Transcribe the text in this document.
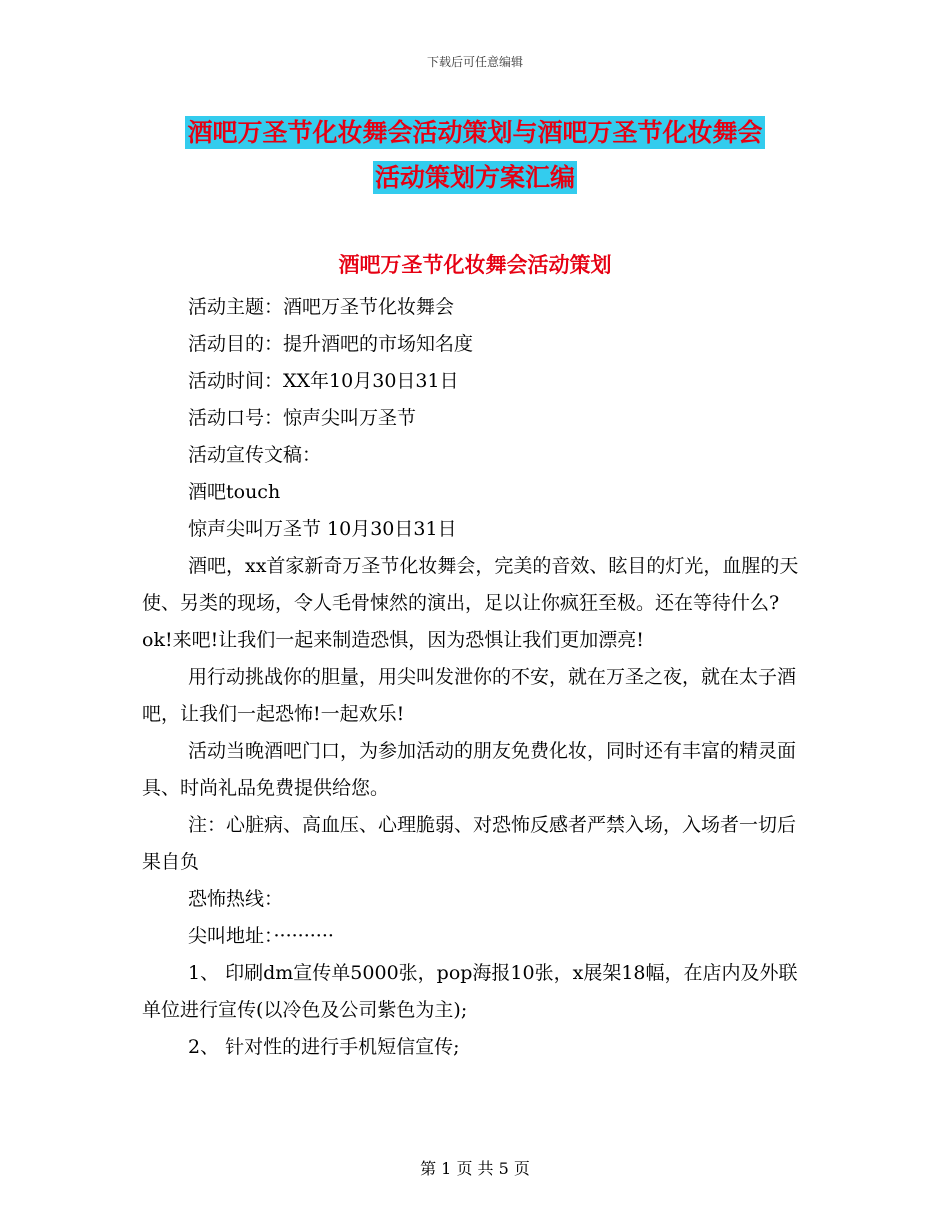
下载后可任意编辑
酒吧万圣节化妆舞会活动策划与酒吧万圣节化妆舞会
活动策划方案汇编
酒吧万圣节化妆舞会活动策划

活动主题：酒吧万圣节化妆舞会

活动目的：提升酒吧的市场知名度

活动时间：XX年10月30日31日

活动口号：惊声尖叫万圣节

活动宣传文稿：

酒吧touch

惊声尖叫万圣节 10月30日31日

酒吧，xx首家新奇万圣节化妆舞会，完美的音效、眩目的灯光，血腥的天使、另类的现场，令人毛骨悚然的演出，足以让你疯狂至极。还在等待什么?ok!来吧!让我们一起来制造恐惧，因为恐惧让我们更加漂亮!

用行动挑战你的胆量，用尖叫发泄你的不安，就在万圣之夜，就在太子酒吧，让我们一起恐怖!一起欢乐!

活动当晚酒吧门口，为参加活动的朋友免费化妆，同时还有丰富的精灵面具、时尚礼品免费提供给您。

注：心脏病、高血压、心理脆弱、对恐怖反感者严禁入场，入场者一切后果自负

恐怖热线：

尖叫地址：··········

1、 印刷dm宣传单5000张，pop海报10张，x展架18幅，在店内及外联单位进行宣传(以冷色及公司紫色为主);

2、 针对性的进行手机短信宣传;

第 1 页 共 5 页
